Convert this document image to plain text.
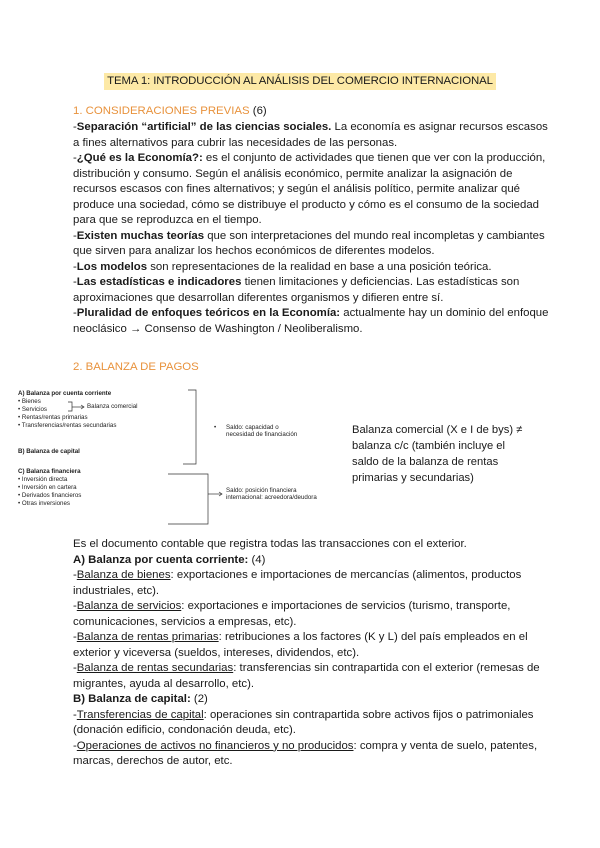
TEMA 1: INTRODUCCIÓN AL ANÁLISIS DEL COMERCIO INTERNACIONAL
1. CONSIDERACIONES PREVIAS (6)

-Separación “artificial” de las ciencias sociales. La economía es asignar recursos escasos a fines alternativos para cubrir las necesidades de las personas.

-¿Qué es la Economía?: es el conjunto de actividades que tienen que ver con la producción, distribución y consumo. Según el análisis económico, permite analizar la asignación de recursos escasos con fines alternativos; y según el análisis político, permite analizar qué produce una sociedad, cómo se distribuye el producto y cómo es el consumo de la sociedad para que se reproduzca en el tiempo.

-Existen muchas teorías que son interpretaciones del mundo real incompletas y cambiantes que sirven para analizar los hechos económicos de diferentes modelos.

-Los modelos son representaciones de la realidad en base a una posición teórica.

-Las estadísticas e indicadores tienen limitaciones y deficiencias. Las estadísticas son aproximaciones que desarrollan diferentes organismos y difieren entre sí.

-Pluralidad de enfoques teóricos en la Economía: actualmente hay un dominio del enfoque neoclásico → Consenso de Washington / Neoliberalismo.

2. BALANZA DE PAGOS
A) Balanza por cuenta corriente
• Bienes
• Servicios
• Rentas/rentas primarias
• Transferencias/rentas secundarias
Balanza comercial
• Saldo: capacidad o
necesidad de financiación
B) Balanza de capital
C) Balanza financiera
• Inversión directa
• Inversión en cartera
• Derivados financieros
• Otras inversiones
Saldo: posición financiera
internacional: acreedora/deudora
Balanza comercial (X e I de bys) ≠ balanza c/c (también incluye el saldo de la balanza de rentas primarias y secundarias)

Es el documento contable que registra todas las transacciones con el exterior.

A) Balanza por cuenta corriente: (4)

-Balanza de bienes: exportaciones e importaciones de mercancías (alimentos, productos industriales, etc).

-Balanza de servicios: exportaciones e importaciones de servicios (turismo, transporte, comunicaciones, servicios a empresas, etc).

-Balanza de rentas primarias: retribuciones a los factores (K y L) del país empleados en el exterior y viceversa (sueldos, intereses, dividendos, etc).

-Balanza de rentas secundarias: transferencias sin contrapartida con el exterior (remesas de migrantes, ayuda al desarrollo, etc).

B) Balanza de capital: (2)

-Transferencias de capital: operaciones sin contrapartida sobre activos fijos o patrimoniales (donación edificio, condonación deuda, etc).

-Operaciones de activos no financieros y no producidos: compra y venta de suelo, patentes, marcas, derechos de autor, etc.
